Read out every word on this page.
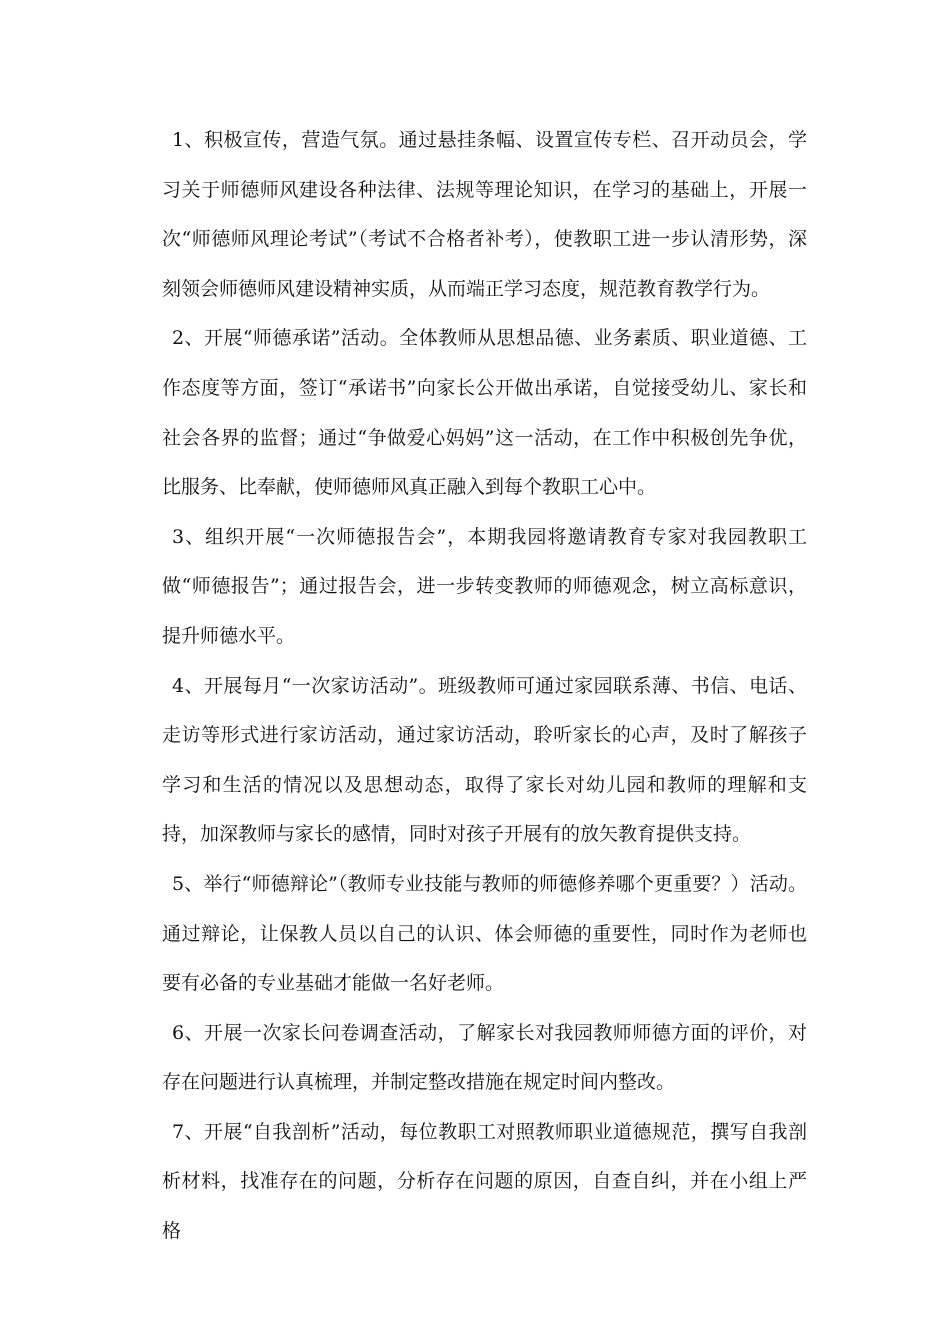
1、积极宣传，营造气氛。通过悬挂条幅、设置宣传专栏、召开动员会，学习关于师德师风建设各种法律、法规等理论知识，在学习的基础上，开展一次“师德师风理论考试”（考试不合格者补考），使教职工进一步认清形势，深刻领会师德师风建设精神实质，从而端正学习态度，规范教育教学行为。

2、开展“师德承诺”活动。全体教师从思想品德、业务素质、职业道德、工作态度等方面，签订“承诺书”向家长公开做出承诺，自觉接受幼儿、家长和社会各界的监督；通过“争做爱心妈妈”这一活动，在工作中积极创先争优，比服务、比奉献，使师德师风真正融入到每个教职工心中。

3、组织开展“一次师德报告会”，本期我园将邀请教育专家对我园教职工做“师德报告”；通过报告会，进一步转变教师的师德观念，树立高标意识，提升师德水平。

4、开展每月“一次家访活动”。班级教师可通过家园联系薄、书信、电话、走访等形式进行家访活动，通过家访活动，聆听家长的心声，及时了解孩子学习和生活的情况以及思想动态，取得了家长对幼儿园和教师的理解和支持，加深教师与家长的感情，同时对孩子开展有的放矢教育提供支持。

5、举行“师德辩论”（教师专业技能与教师的师德修养哪个更重要？）活动。通过辩论，让保教人员以自己的认识、体会师德的重要性，同时作为老师也要有必备的专业基础才能做一名好老师。

6、开展一次家长问卷调查活动，了解家长对我园教师师德方面的评价，对存在问题进行认真梳理，并制定整改措施在规定时间内整改。

7、开展“自我剖析”活动，每位教职工对照教师职业道德规范，撰写自我剖析材料，找准存在的问题，分析存在问题的原因，自查自纠，并在小组上严格
